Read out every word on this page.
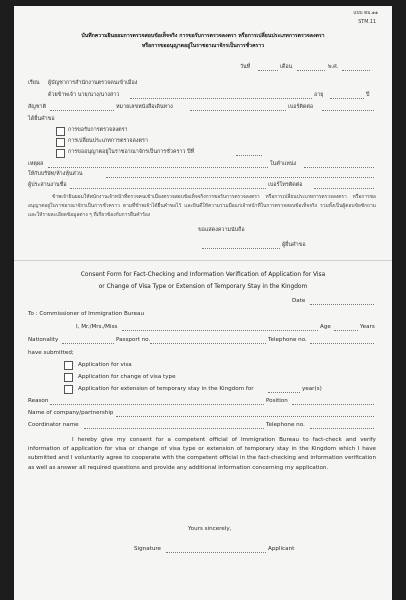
แบบ ตม.๑๑
STM.11
บันทึกความยินยอมการตรวจสอบข้อเท็จจริง การขอรับการตรวจลงตรา หรือการเปลี่ยนประเภทการตรวจลงตรา
หรือการขออนุญาตอยู่ในราชอาณาจักรเป็นการชั่วคราว
วันที่	เดือน	พ.ศ.
เรียน ผู้บัญชาการสำนักงานตรวจคนเข้าเมือง
ด้วยข้าพเจ้า นาย/นาง/นางสาว	อายุ	ปี
สัญชาติ	หมายเลขหนังสือเดินทาง	เบอร์ติดต่อ
ได้ยื่นคำขอ
การขอรับการตรวจลงตรา
การเปลี่ยนประเภทการตรวจลงตรา
การขออนุญาตอยู่ในราชอาณาจักรเป็นการชั่วคราว ปีที่
เหตุผล	ในตำแหน่ง
ให้กับบริษัท/ห้างหุ้นส่วน
ผู้ประสานงานชื่อ	เบอร์โทรติดต่อ
ข้าพเจ้ายินยอมให้พนักงานเจ้าหน้าที่ตรวจคนเข้าเมืองตรวจสอบข้อเท็จจริงการขอรับการตรวจลงตรา หรือการเปลี่ยนประเภทการตรวจลงตรา หรือการขออนุญาตอยู่ในราชอาณาจักรเป็นการชั่วคราว ตามที่ข้าพเจ้าได้ยื่นคำขอไว้ และยินดีให้ความร่วมมือแก่เจ้าหน้าที่ในการตรวจสอบข้อเท็จจริง รวมทั้งเป็นผู้ตอบข้อซักถามและให้รายละเอียดข้อมูลต่าง ๆ ที่เกี่ยวข้องกับการยื่นคำร้อง
ขอแสดงความนับถือ
ผู้ยื่นคำขอ
Consent Form for Fact-Checking and Information Verification of Application for Visa
or Change of Visa Type or Extension of Temporary Stay in the Kingdom
Date
To : Commissioner of Immigration Bureau
I, Mr./Mrs./Miss	Age	Years
Nationality	Passport no.	Telephone no.
have submitted;
Application for visa
Application for change of visa type
Application for extension of temporary stay in the Kingdom for	year(s)
Reason	Position
Name of company/partnership
Coordinator name	Telephone no.
I hereby give my consent for a competent official of Immigration Bureau to fact-check and verify information of application for visa or change of visa type or extension of temporary stay in the Kingdom which I have submitted and I voluntarily agree to cooperate with the competent official in the fact-checking and information verification as well as answer all required questions and provide any additional information concerning my application.
Yours sincerely,
Signature	Applicant
